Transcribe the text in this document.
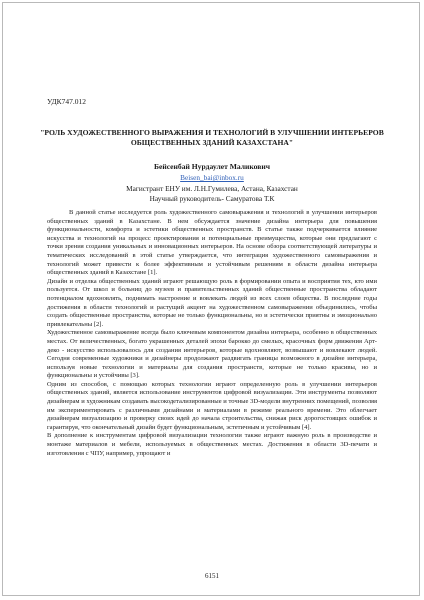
УДК747.012
"РОЛЬ ХУДОЖЕСТВЕННОГО ВЫРАЖЕНИЯ И ТЕХНОЛОГИЙ В УЛУЧШЕНИИ ИНТЕРЬЕРОВ ОБЩЕСТВЕННЫХ ЗДАНИЙ КАЗАХСТАНА"
Бейсенбай Нурдаулет Маликович
Beisen_bai@inbox.ru
Магистрант ЕНУ им. Л.Н.Гумилева, Астана, Казахстан
Научный руководитель- Самуратова Т.К

В данной статье исследуется роль художественного самовыражения и технологий в улучшении интерьеров общественных зданий в Казахстане. В нем обсуждается значение дизайна интерьера для повышения функциональности, комфорта и эстетики общественных пространств. В статье также подчеркивается влияние искусства и технологий на процесс проектирования и потенциальные преимущества, которые они предлагают с точки зрения создания уникальных и инновационных интерьеров. На основе обзора соответствующей литературы и тематических исследований в этой статье утверждается, что интеграция художественного самовыражения и технологий может привести к более эффективным и устойчивым решениям в области дизайна интерьера общественных зданий в Казахстане [1].

Дизайн и отделка общественных зданий играют решающую роль в формировании опыта и восприятия тех, кто ими пользуется. От школ и больниц до музеев и правительственных зданий общественные пространства обладают потенциалом вдохновлять, поднимать настроение и вовлекать людей из всех слоев общества. В последние годы достижения в области технологий и растущий акцент на художественном самовыражении объединились, чтобы создать общественные пространства, которые не только функциональны, но и эстетически приятны и эмоционально привлекательны [2].

Художественное самовыражение всегда было ключевым компонентом дизайна интерьера, особенно в общественных местах. От величественных, богато украшенных деталей эпохи барокко до смелых, красочных форм движения Арт-деко - искусство использовалось для создания интерьеров, которые вдохновляют, возвышают и вовлекают людей. Сегодня современные художники и дизайнеры продолжают раздвигать границы возможного в дизайне интерьера, используя новые технологии и материалы для создания пространств, которые не только красивы, но и функциональны и устойчивы [3].

Одним из способов, с помощью которых технологии играют определенную роль в улучшении интерьеров общественных зданий, является использование инструментов цифровой визуализации. Эти инструменты позволяют дизайнерам и художникам создавать высокодетализированные и точные 3D-модели внутренних помещений, позволяя им экспериментировать с различными дизайнами и материалами в режиме реального времени. Это облегчает дизайнерам визуализацию и проверку своих идей до начала строительства, снижая риск дорогостоящих ошибок и гарантируя, что окончательный дизайн будет функциональным, эстетичным и устойчивым [4].

В дополнение к инструментам цифровой визуализации технологии также играют важную роль в производстве и монтаже материалов и мебели, используемых в общественных местах. Достижения в области 3D-печати и изготовления с ЧПУ, например, упрощают и

6151
